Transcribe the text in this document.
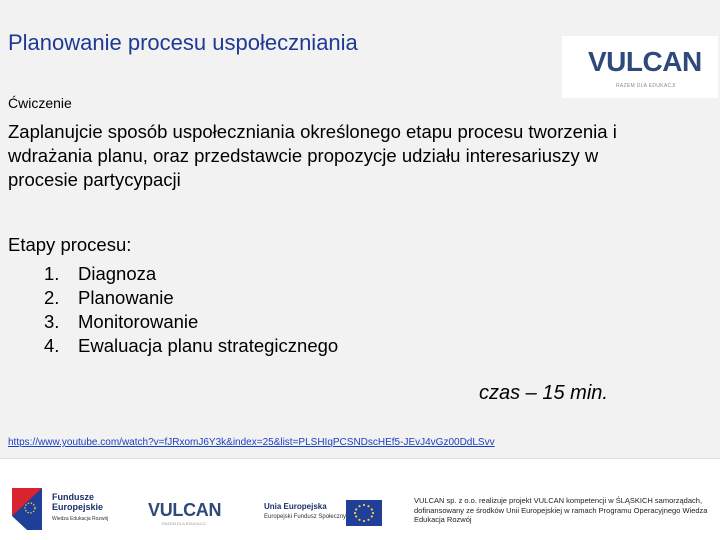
Planowanie procesu uspołeczniania
VULCAN
RAZEM DLA EDUKACJI
Ćwiczenie
Zaplanujcie sposób uspołeczniania określonego etapu procesu tworzenia i wdrażania planu, oraz przedstawcie propozycje udziału interesariuszy w procesie partycypacji
Etapy procesu:
1.	Diagnoza
2.	Planowanie
3.	Monitorowanie
4.	Ewaluacja planu strategicznego
czas – 15 min.
https://www.youtube.com/watch?v=fJRxomJ6Y3k&index=25&list=PLSHIqPCSNDscHEf5-JEvJ4vGz00DdLSvv
Fundusze Europejskie
Wiedza Edukacja Rozwój VULCAN
RAZEM DLA EDUKACJI
Unia Europejska
Europejski Fundusz Społeczny
VULCAN sp. z o.o. realizuje projekt VULCAN kompetencji w ŚLĄSKICH samorządach, dofinansowany ze środków Unii Europejskiej w ramach Programu Operacyjnego Wiedza Edukacja Rozwój
